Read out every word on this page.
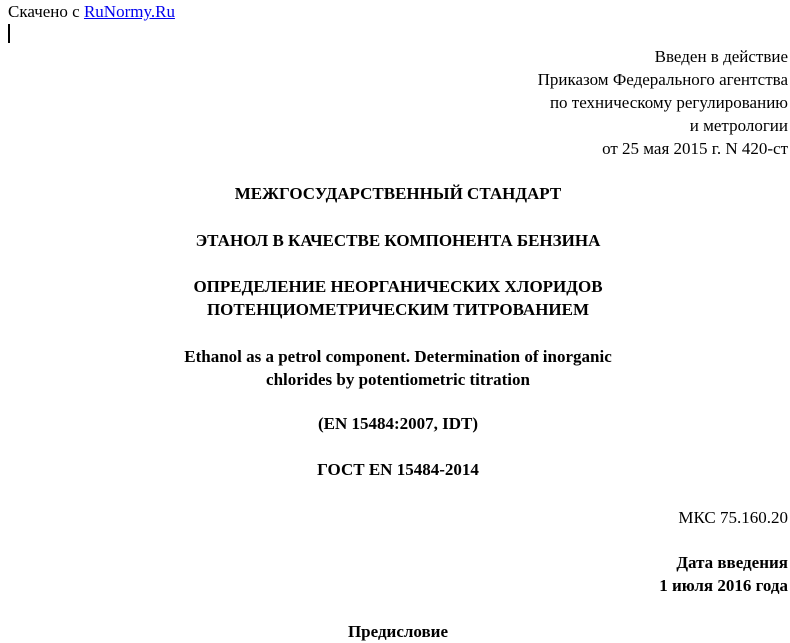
Скачено с RuNormy.Ru
Введен в действие
Приказом Федерального агентства
по техническому регулированию
и метрологии
от 25 мая 2015 г. N 420-ст
МЕЖГОСУДАРСТВЕННЫЙ СТАНДАРТ
ЭТАНОЛ В КАЧЕСТВЕ КОМПОНЕНТА БЕНЗИНА
ОПРЕДЕЛЕНИЕ НЕОРГАНИЧЕСКИХ ХЛОРИДОВ
ПОТЕНЦИОМЕТРИЧЕСКИМ ТИТРОВАНИЕМ
Ethanol as a petrol component. Determination of inorganic
chlorides by potentiometric titration
(EN 15484:2007, IDT)
ГОСТ EN 15484-2014
МКС 75.160.20
Дата введения
1 июля 2016 года
Предисловие
